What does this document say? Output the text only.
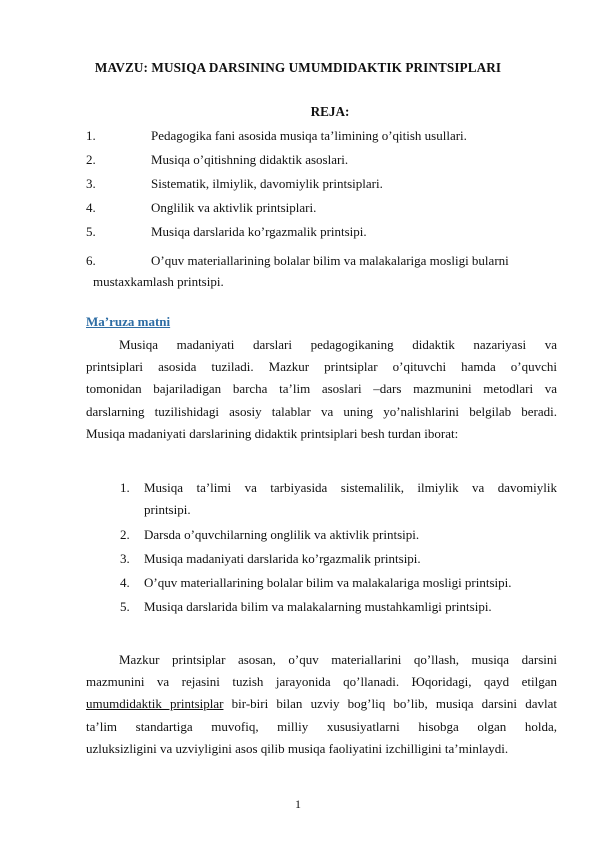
MAVZU: MUSIQA DARSINING UMUMDIDAKTIK PRINTSIPLARI
REJA:
1.	Pedagogika fani asosida musiqa ta’limining o’qitish usullari.
2.	Musiqa o’qitishning didaktik asoslari.
3.	Sistematik, ilmiylik, davomiylik printsiplari.
4.	Onglilik va aktivlik printsiplari.
5.	Musiqa darslarida ko’rgazmalik printsipi.
6.	O’quv materiallarining bolalar bilim va malakalariga mosligi bularni
mustaxkamlash printsipi.
Ma’ruza matni
Musiqa madaniyati darslari pedagogikaning didaktik nazariyasi va
printsiplari asosida tuziladi. Mazkur printsiplar o’qituvchi hamda o’quvchi
tomonidan bajariladigan barcha ta’lim asoslari –dars mazmunini metodlari va
darslarning tuzilishidagi asosiy talablar va uning yo’nalishlarini belgilab beradi.
Musiqa madaniyati darslarining didaktik printsiplari besh turdan iborat:
1. Musiqa ta’limi va tarbiyasida sistemalilik, ilmiylik va davomiylik
printsipi.
2. Darsda o’quvchilarning onglilik va aktivlik printsipi.
3. Musiqa madaniyati darslarida ko’rgazmalik printsipi.
4. O’quv materiallarining bolalar bilim va malakalariga mosligi printsipi.
5. Musiqa darslarida bilim va malakalarning mustahkamligi printsipi.
Mazkur printsiplar asosan, o’quv materiallarini qo’llash, musiqa darsini
mazmunini va rejasini tuzish jarayonida qo’llanadi. Юqoridagi, qayd etilgan
umumdidaktik printsiplar bir-biri bilan uzviy bog’liq bo’lib, musiqa darsini davlat
ta’lim standartiga muvofiq, milliy xususiyatlarni hisobga olgan holda,
uzluksizligini va uzviyligini asos qilib musiqa faoliyatini izchilligini ta’minlaydi.
1
